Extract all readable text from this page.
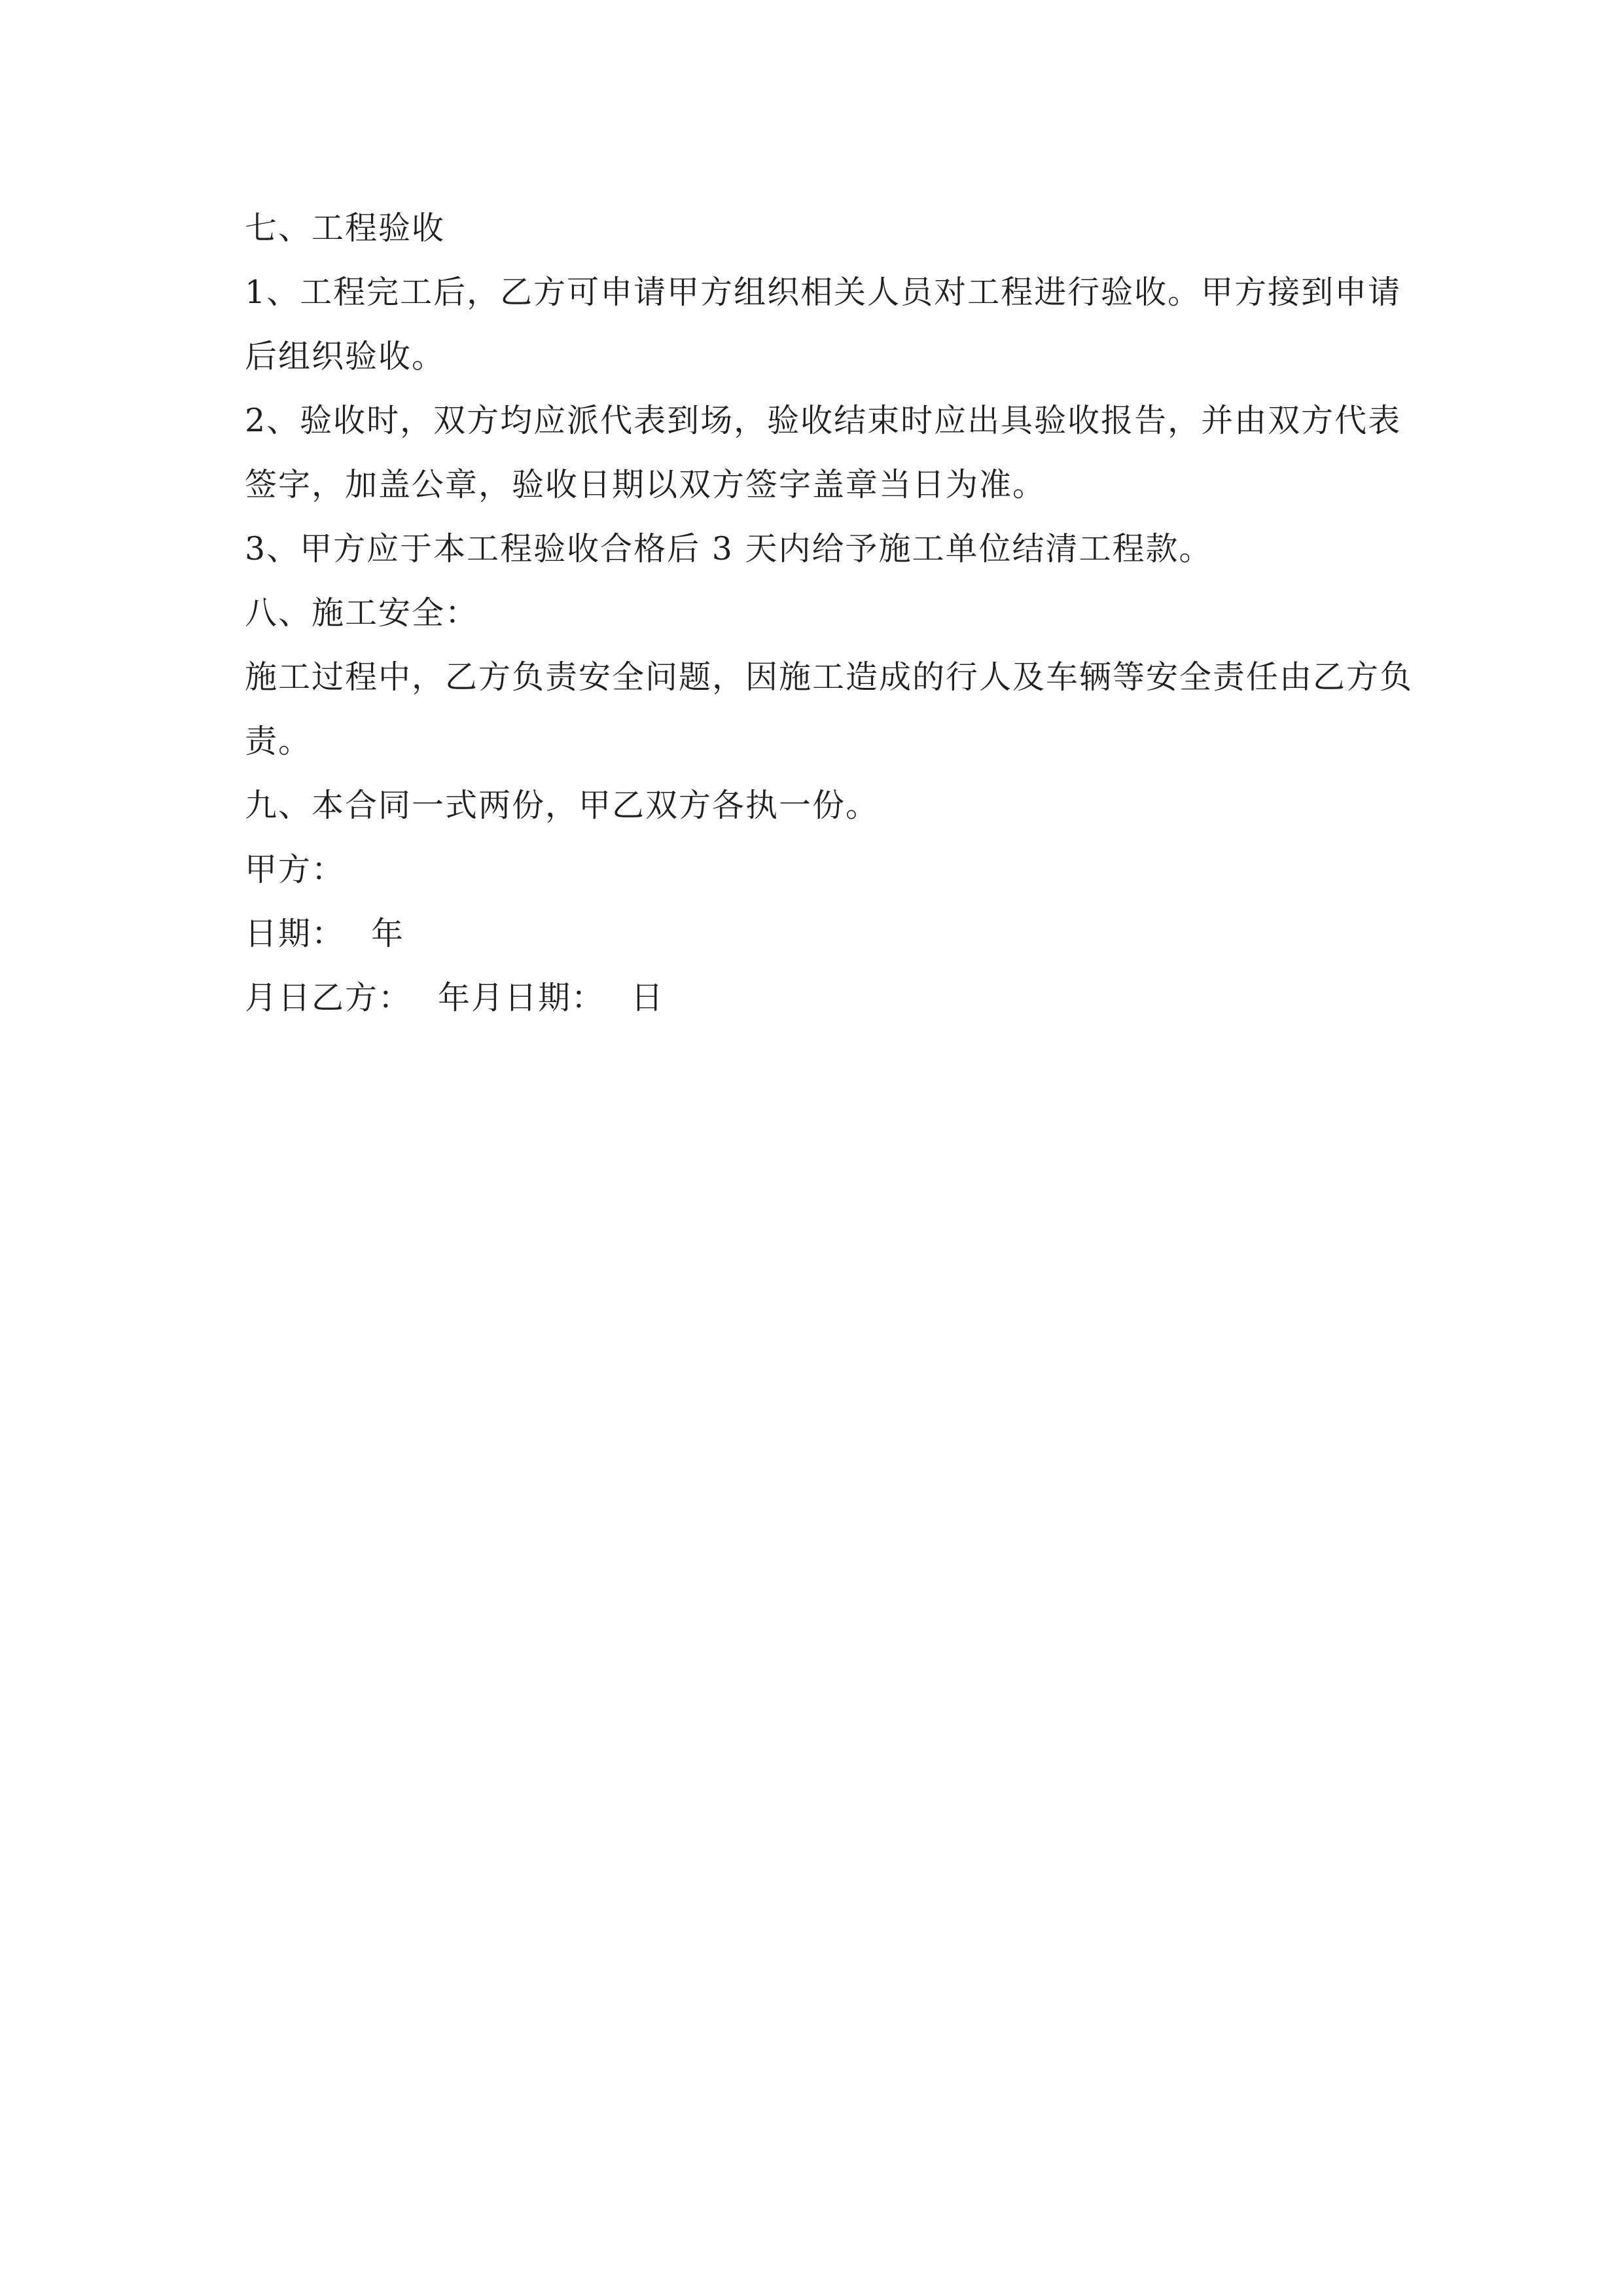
七、工程验收
1、工程完工后，乙方可申请甲方组织相关人员对工程进行验收。甲方接到申请
后组织验收。
2、验收时，双方均应派代表到场，验收结束时应出具验收报告，并由双方代表
签字，加盖公章，验收日期以双方签字盖章当日为准。
3、甲方应于本工程验收合格后 3 天内给予施工单位结清工程款。
八、施工安全：
施工过程中，乙方负责安全问题，因施工造成的行人及车辆等安全责任由乙方负
责。
九、本合同一式两份，甲乙双方各执一份。
甲方：
日期： 年
月日乙方： 年月日期： 日
